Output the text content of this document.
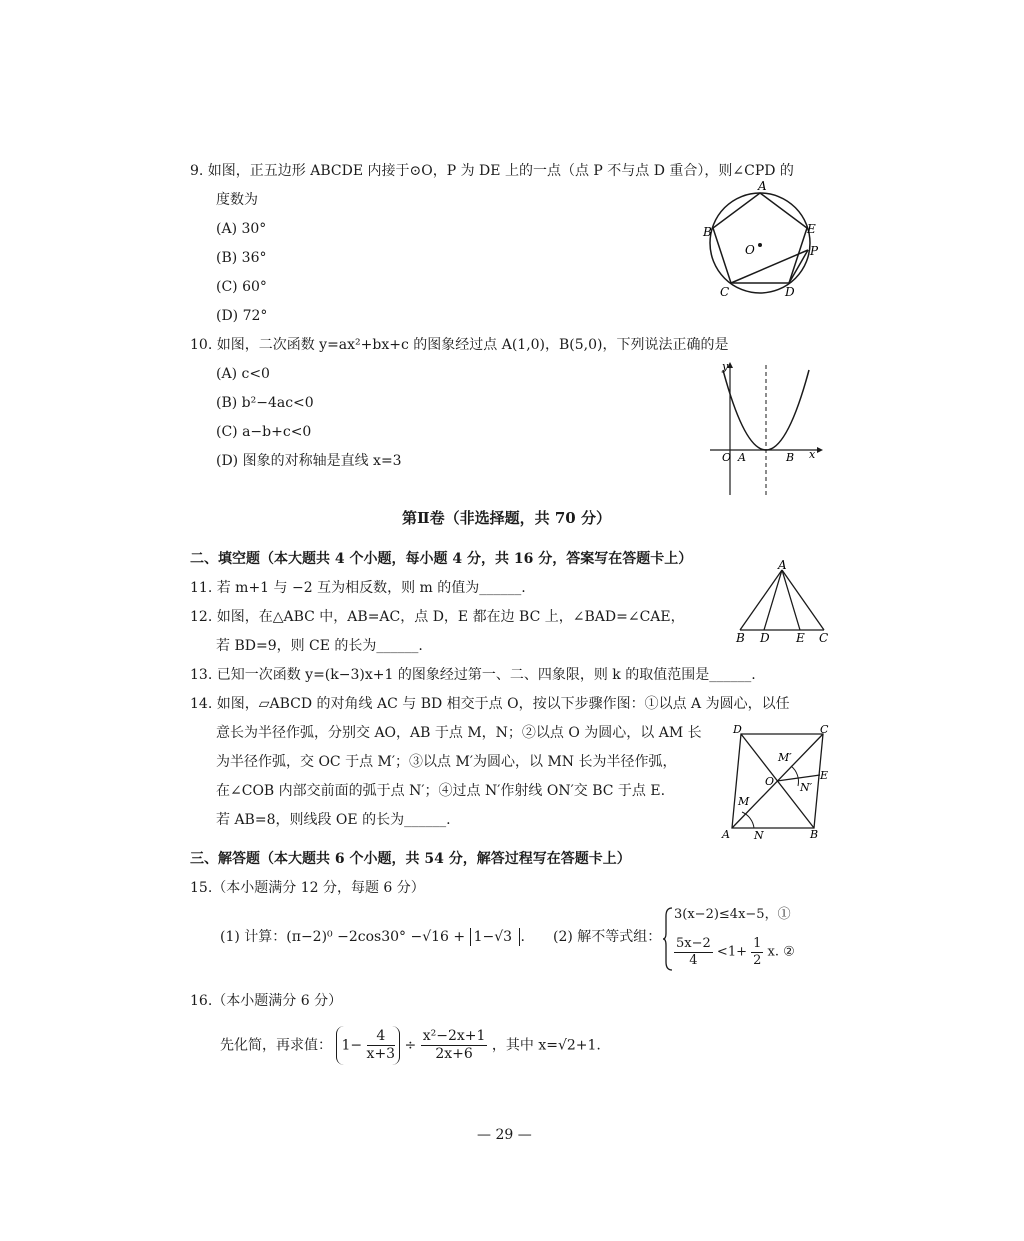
9. 如图，正五边形 ABCDE 内接于⊙O，P 为 DE 上的一点（点 P 不与点 D 重合），则∠CPD 的
度数为
(A) 30°
(B) 36°
(C) 60°
(D) 72°
A
B
C	D
E
O	P
10. 如图，二次函数 y=ax²+bx+c 的图象经过点 A(1,0)，B(5,0)，下列说法正确的是
(A) c<0
(B) b²−4ac<0
(C) a−b+c<0
(D) 图象的对称轴是直线 x=3
y
x
O A	B
第Ⅱ卷（非选择题，共 70 分）
二、填空题（本大题共 4 个小题，每小题 4 分，共 16 分，答案写在答题卡上）
11. 若 m+1 与 −2 互为相反数，则 m 的值为______.
12. 如图，在△ABC 中，AB=AC，点 D，E 都在边 BC 上，∠BAD=∠CAE，
若 BD=9，则 CE 的长为______.
A
B D E C
13. 已知一次函数 y=(k−3)x+1 的图象经过第一、二、四象限，则 k 的取值范围是______.
14. 如图，▱ABCD 的对角线 AC 与 BD 相交于点 O，按以下步骤作图：①以点 A 为圆心，以任
意长为半径作弧，分别交 AO，AB 于点 M，N；②以点 O 为圆心，以 AM 长
为半径作弧，交 OC 于点 M′；③以点 M′为圆心，以 MN 长为半径作弧，
在∠COB 内部交前面的弧于点 N′；④过点 N′作射线 ON′交 BC 于点 E.
若 AB=8，则线段 OE 的长为______.
A	B
C
D
O	E
M
N
M′
N′
三、解答题（本大题共 6 个小题，共 54 分，解答过程写在答题卡上）
15.（本小题满分 12 分，每题 6 分）
(1) 计算：(π−2)⁰ −2cos30° −√16 + 1−√3 . (2) 解不等式组：
3(x−2)≤4x−5，①
$\frac{5x-2}{4} <1+ \frac{1}{2} x$. ②
16.（本小题满分 6 分）
先化简，再求值： $1- \frac{4}{x+3} \div \frac{\text{x²−2x+1}}{2x+6}$ ，其中 x=√2+1.
— 29 —
